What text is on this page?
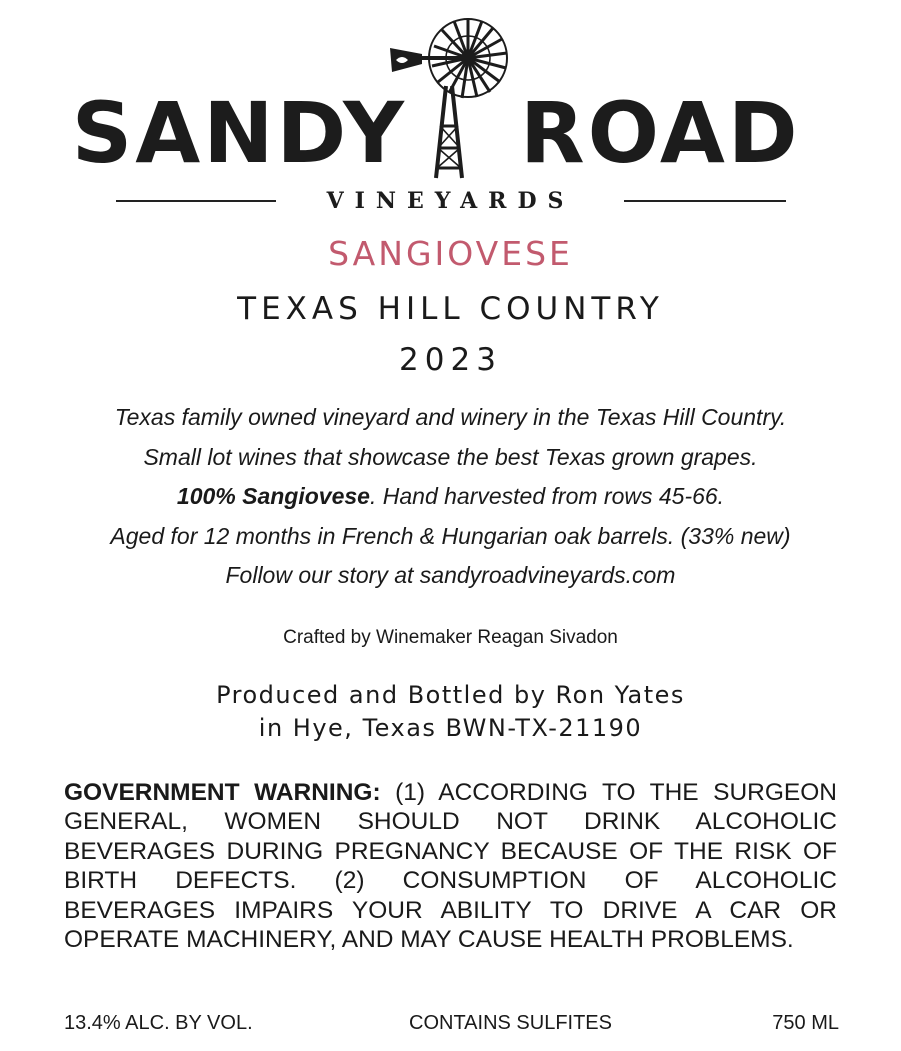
SANDY ROAD
VINEYARDS
SANGIOVESE
TEXAS HILL COUNTRY
2023
Texas family owned vineyard and winery in the Texas Hill Country.
Small lot wines that showcase the best Texas grown grapes.
100% Sangiovese. Hand harvested from rows 45-66.
Aged for 12 months in French & Hungarian oak barrels. (33% new)
Follow our story at sandyroadvineyards.com
Crafted by Winemaker Reagan Sivadon
Produced and Bottled by Ron Yates
in Hye, Texas BWN-TX-21190
GOVERNMENT WARNING: (1) ACCORDING TO THE SURGEON GENERAL, WOMEN SHOULD NOT DRINK ALCOHOLIC BEVERAGES DURING PREGNANCY BECAUSE OF THE RISK OF BIRTH DEFECTS. (2) CONSUMPTION OF ALCOHOLIC BEVERAGES IMPAIRS YOUR ABILITY TO DRIVE A CAR OR OPERATE MACHINERY, AND MAY CAUSE HEALTH PROBLEMS.
13.4% ALC. BY VOL.	CONTAINS SULFITES	750 ML
